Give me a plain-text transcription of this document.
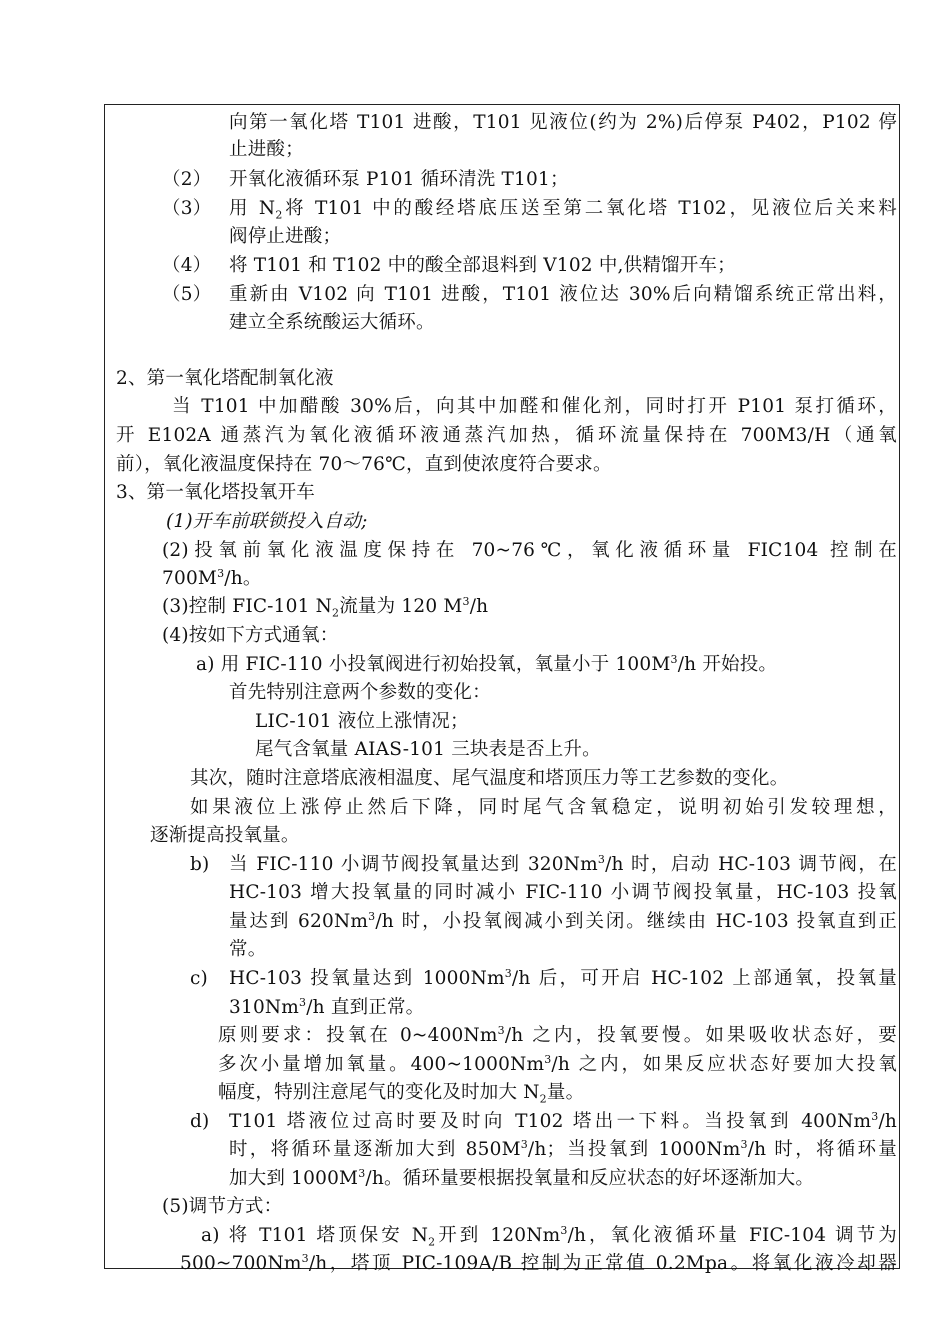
向第一氧化塔 T101 进酸，T101 见液位(约为 2%)后停泵 P402，P102 停
止进酸；
（2） 开氧化液循环泵 P101 循环清洗 T101；
（3） 用 $N_2$将 T101 中的酸经塔底压送至第二氧化塔 T102，见液位后关来料
阀停止进酸；
（4） 将 T101 和 T102 中的酸全部退料到 V102 中,供精馏开车；
（5） 重新由 V102 向 T101 进酸，T101 液位达 30%后向精馏系统正常出料，
建立全系统酸运大循环。
2、第一氧化塔配制氧化液
当 T101 中加醋酸 30%后，向其中加醛和催化剂，同时打开 P101 泵打循环，
开 E102A 通蒸汽为氧化液循环液通蒸汽加热，循环流量保持在 700M3/H（通氧
前），氧化液温度保持在 70～76℃，直到使浓度符合要求。
3、第一氧化塔投氧开车
(1)开车前联锁投入自动;
(2)投氧前氧化液温度保持在 70~76℃，氧化液循环量 FIC104 控制在
$700M^3/h$。
(3)控制 FIC-101 $N_2$流量为 120 $M^3/h$
(4)按如下方式通氧：
a) 用 FIC-110 小投氧阀进行初始投氧，氧量小于 $100M^3/h$ 开始投。
首先特别注意两个参数的变化：
LIC-101 液位上涨情况；
尾气含氧量 AIAS-101 三块表是否上升。
其次，随时注意塔底液相温度、尾气温度和塔顶压力等工艺参数的变化。
如果液位上涨停止然后下降，同时尾气含氧稳定，说明初始引发较理想，
逐渐提高投氧量。
b) 当 FIC-110 小调节阀投氧量达到 320Nm$^3$/h 时，启动 HC-103 调节阀，在
HC-103 增大投氧量的同时减小 FIC-110 小调节阀投氧量，HC-103 投氧
量达到 620Nm$^3$/h 时，小投氧阀减小到关闭。继续由 HC-103 投氧直到正
常。
c) HC-103 投氧量达到 1000Nm$^3$/h 后，可开启 HC-102 上部通氧，投氧量
310Nm$^3$/h 直到正常。
原则要求：投氧在 0~400Nm$^3$/h 之内，投氧要慢。如果吸收状态好，要
多次小量增加氧量。400~1000Nm$^3$/h 之内，如果反应状态好要加大投氧
幅度，特别注意尾气的变化及时加大 $N_2$量。
d) T101 塔液位过高时要及时向 T102 塔出一下料。当投氧到 400Nm$^3$/h
时，将循环量逐渐加大到 $850M^3/h$；当投氧到 1000Nm$^3$/h 时，将循环量
加大到 $1000M^3/h$。循环量要根据投氧量和反应状态的好坏逐渐加大。
(5)调节方式：
a) 将 T101 塔顶保安 $N_2$开到 120Nm$^3$/h，氧化液循环量 FIC-104 调节为
500~700Nm$^3$/h，塔顶 PIC-109A/B 控制为正常值 0.2Mpa。将氧化液冷却器
